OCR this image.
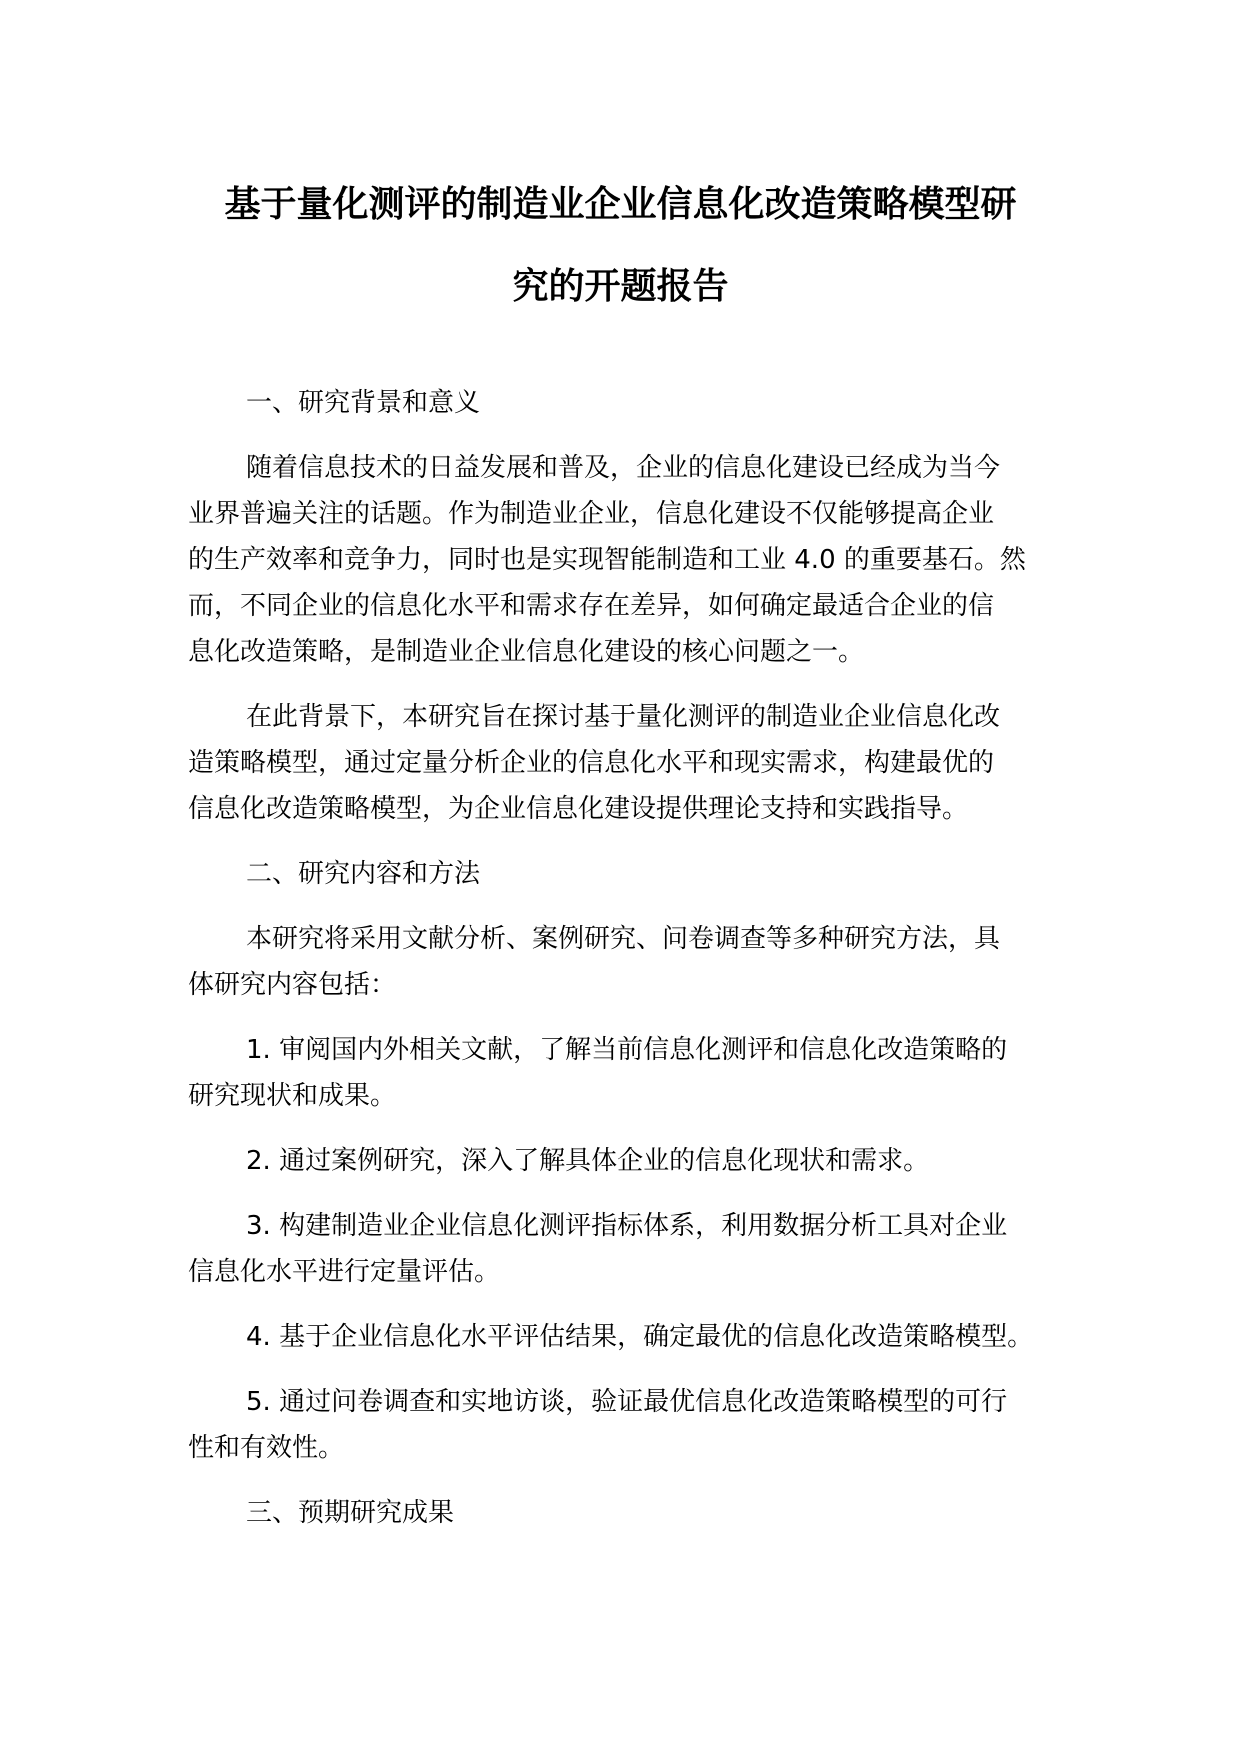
基于量化测评的制造业企业信息化改造策略模型研
究的开题报告

一、研究背景和意义

随着信息技术的日益发展和普及，企业的信息化建设已经成为当今
业界普遍关注的话题。作为制造业企业，信息化建设不仅能够提高企业
的生产效率和竞争力，同时也是实现智能制造和工业 4.0 的重要基石。然
而，不同企业的信息化水平和需求存在差异，如何确定最适合企业的信
息化改造策略，是制造业企业信息化建设的核心问题之一。

在此背景下，本研究旨在探讨基于量化测评的制造业企业信息化改
造策略模型，通过定量分析企业的信息化水平和现实需求，构建最优的
信息化改造策略模型，为企业信息化建设提供理论支持和实践指导。

二、研究内容和方法

本研究将采用文献分析、案例研究、问卷调查等多种研究方法，具
体研究内容包括：

1. 审阅国内外相关文献，了解当前信息化测评和信息化改造策略的
研究现状和成果。

2. 通过案例研究，深入了解具体企业的信息化现状和需求。

3. 构建制造业企业信息化测评指标体系，利用数据分析工具对企业
信息化水平进行定量评估。

4. 基于企业信息化水平评估结果，确定最优的信息化改造策略模型。

5. 通过问卷调查和实地访谈，验证最优信息化改造策略模型的可行
性和有效性。

三、预期研究成果
